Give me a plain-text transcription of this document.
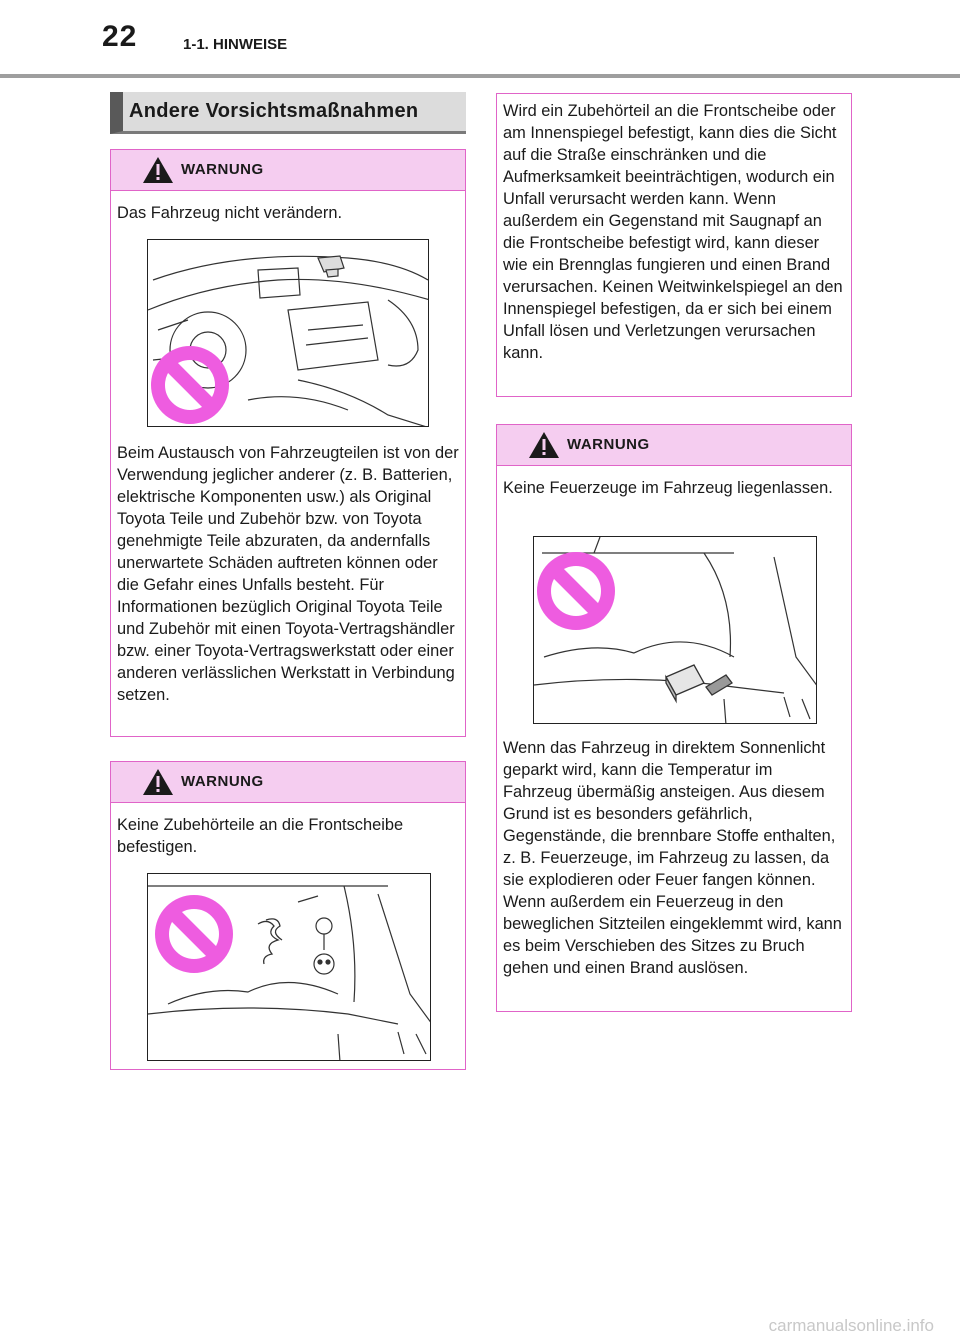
22	1-1. HINWEISE
Andere Vorsichtsmaßnahmen
WARNUNG

Das Fahrzeug nicht verändern.

Beim Austausch von Fahrzeugteilen ist von der Verwendung jeglicher anderer (z. B. Batterien, elektrische Komponenten usw.) als Original Toyota Teile und Zubehör bzw. von Toyota genehmigte Teile abzuraten, da andernfalls unerwartete Schäden auftreten können oder die Gefahr eines Unfalls besteht. Für Informationen bezüglich Original Toyota Teile und Zubehör mit einen Toyota-Vertragshändler bzw. einer Toyota-Vertragswerkstatt oder einer anderen verlässlichen Werkstatt in Verbindung setzen.

WARNUNG

Keine Zubehörteile an die Frontscheibe befestigen.

Wird ein Zubehörteil an die Frontscheibe oder am Innenspiegel befestigt, kann dies die Sicht auf die Straße einschränken und die Aufmerksamkeit beeinträchtigen, wodurch ein Unfall verursacht werden kann. Wenn außerdem ein Gegenstand mit Saugnapf an die Frontscheibe befestigt wird, kann dieser wie ein Brennglas fungieren und einen Brand verursachen. Keinen Weitwinkelspiegel an den Innenspiegel befestigen, da er sich bei einem Unfall lösen und Verletzungen verursachen kann.

WARNUNG

Keine Feuerzeuge im Fahrzeug liegenlassen.

Wenn das Fahrzeug in direktem Sonnenlicht geparkt wird, kann die Temperatur im Fahrzeug übermäßig ansteigen. Aus diesem Grund ist es besonders gefährlich, Gegenstände, die brennbare Stoffe enthalten, z. B. Feuerzeuge, im Fahrzeug zu lassen, da sie explodieren oder Feuer fangen können. Wenn außerdem ein Feuerzeug in den beweglichen Sitzteilen eingeklemmt wird, kann es beim Verschieben des Sitzes zu Bruch gehen und einen Brand auslösen.

carmanualsonline.info
